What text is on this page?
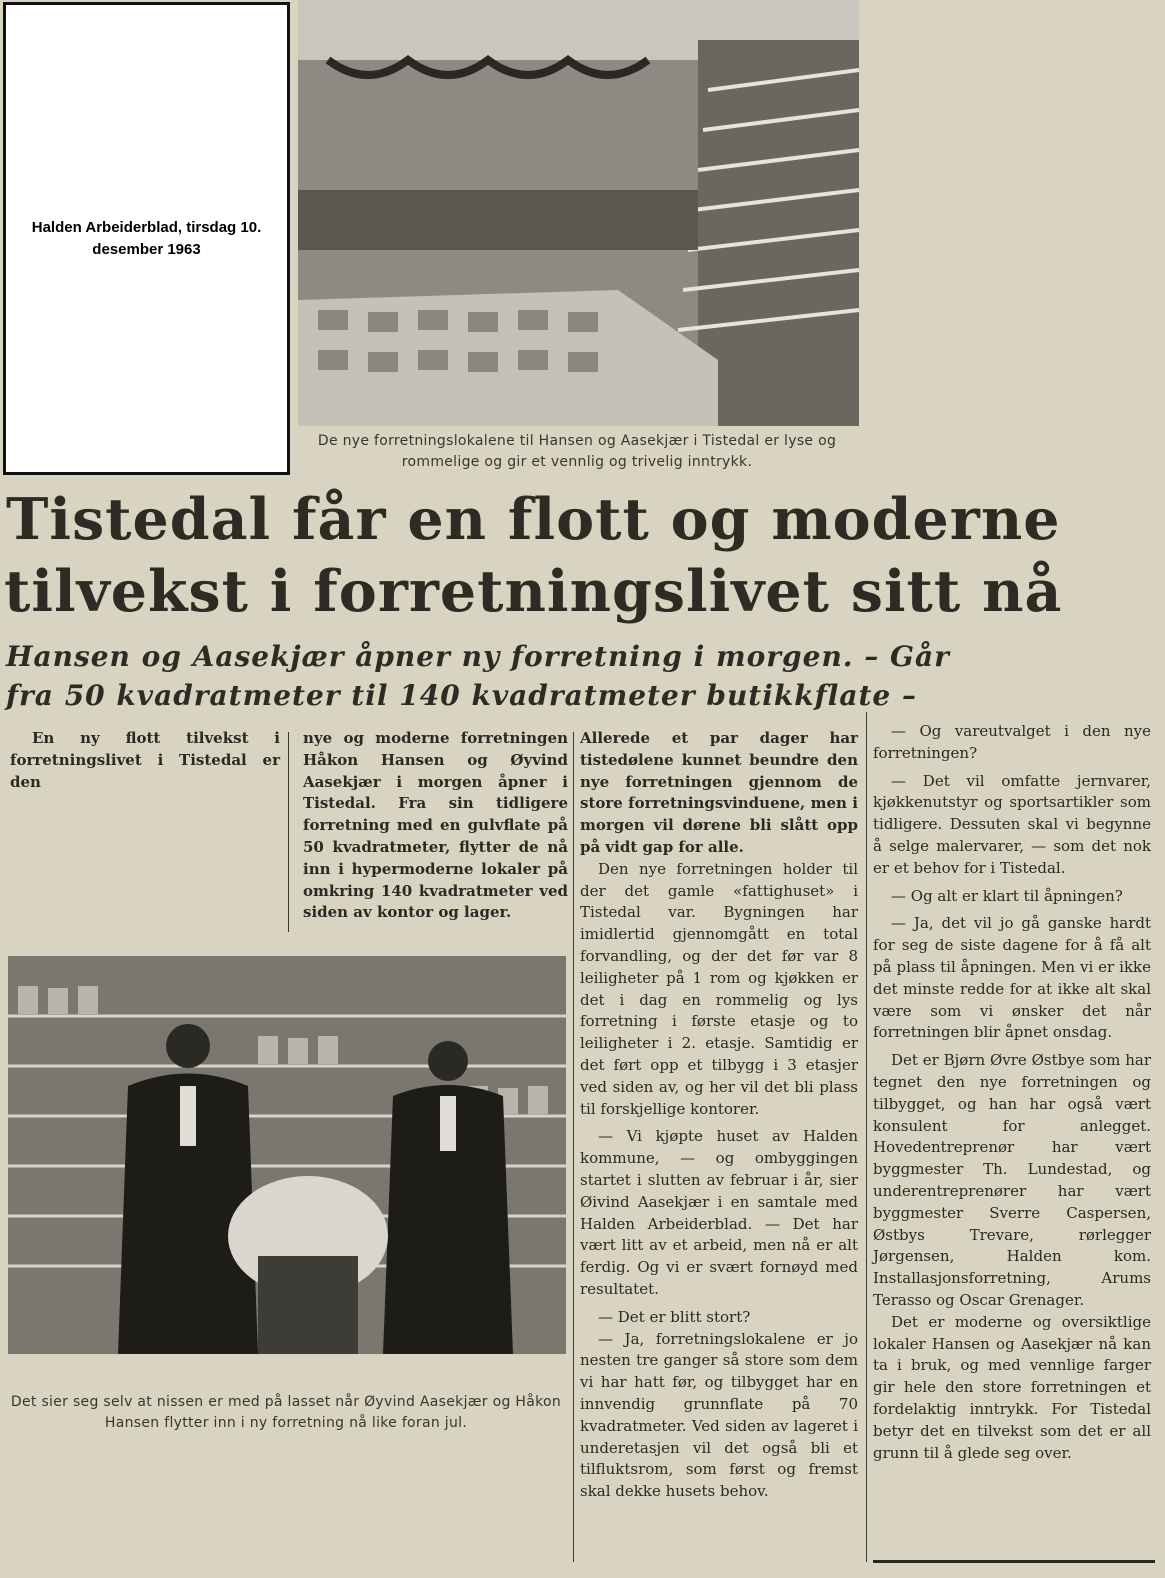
Halden Arbeiderblad, tirsdag 10. desember 1963
De nye forretningslokalene til Hansen og Aasekjær i Tistedal er lyse og rommelige og gir et vennlig og trivelig inntrykk.
Tistedal får en flott og moderne
tilvekst i forretningslivet sitt nå
Hansen og Aasekjær åpner ny forretning i morgen. – Går
fra 50 kvadratmeter til 140 kvadratmeter butikkflate –
En ny flott tilvekst i forretningslivet i Tistedal er den
nye og moderne forretningen Håkon Hansen og Øyvind Aasekjær i morgen åpner i Tistedal. Fra sin tidligere forretning med en gulvflate på 50 kvadratmeter, flytter de nå inn i hypermoderne lokaler på omkring 140 kvadratmeter ved siden av kontor og lager.
Det sier seg selv at nissen er med på lasset når Øyvind Aasekjær og Håkon Hansen flytter inn i ny forretning nå like foran jul.

Allerede et par dager har tistedølene kunnet beundre den nye forretningen gjennom de store forretningsvinduene, men i morgen vil dørene bli slått opp på vidt gap for alle.

Den nye forretningen holder til der det gamle «fattighuset» i Tistedal var. Bygningen har imidlertid gjennomgått en total forvandling, og der det før var 8 leiligheter på 1 rom og kjøkken er det i dag en rommelig og lys forretning i første etasje og to leiligheter i 2. etasje. Samtidig er det ført opp et tilbygg i 3 etasjer ved siden av, og her vil det bli plass til forskjellige kontorer.

— Vi kjøpte huset av Halden kommune, — og ombyggingen startet i slutten av februar i år, sier Øivind Aasekjær i en samtale med Halden Arbeiderblad. — Det har vært litt av et arbeid, men nå er alt ferdig. Og vi er svært fornøyd med resultatet.

— Det er blitt stort?

— Ja, forretningslokalene er jo nesten tre ganger så store som dem vi har hatt før, og tilbygget har en innvendig grunnflate på 70 kvadratmeter. Ved siden av lageret i underetasjen vil det også bli et tilfluktsrom, som først og fremst skal dekke husets behov.

— Og vareutvalget i den nye forretningen?

— Det vil omfatte jernvarer, kjøkkenutstyr og sportsartikler som tidligere. Dessuten skal vi begynne å selge malervarer, — som det nok er et behov for i Tistedal.

— Og alt er klart til åpningen?

— Ja, det vil jo gå ganske hardt for seg de siste dagene for å få alt på plass til åpningen. Men vi er ikke det minste redde for at ikke alt skal være som vi ønsker det når forretningen blir åpnet onsdag.

Det er Bjørn Øvre Østbye som har tegnet den nye forretningen og tilbygget, og han har også vært konsulent for anlegget. Hovedentreprenør har vært byggmester Th. Lundestad, og underentreprenører har vært byggmester Sverre Caspersen, Østbys Trevare, rørlegger Jørgensen, Halden kom. Installasjonsforretning, Arums Terasso og Oscar Grenager.

Det er moderne og oversiktlige lokaler Hansen og Aasekjær nå kan ta i bruk, og med vennlige farger gir hele den store forretningen et fordelaktig inntrykk. For Tistedal betyr det en tilvekst som det er all grunn til å glede seg over.
